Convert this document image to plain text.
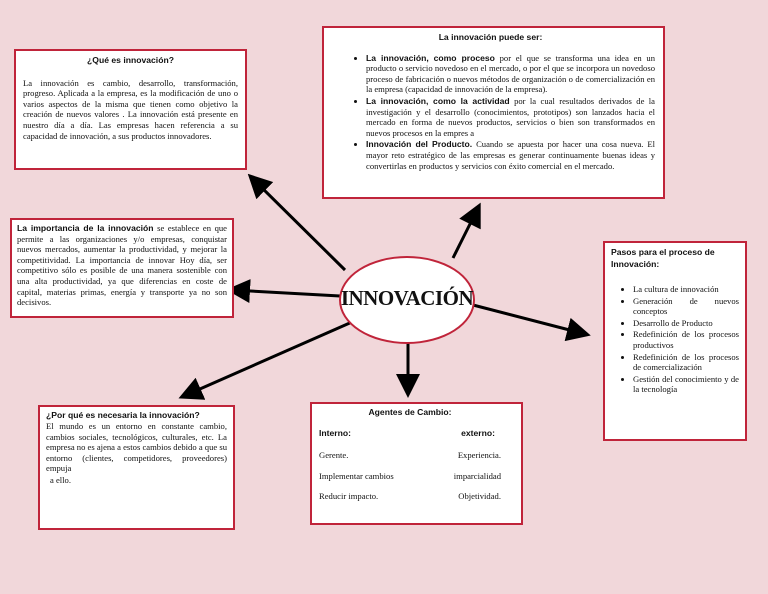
¿Qué es innovación?
La innovación es cambio, desarrollo, transformación, progreso. Aplicada a la empresa, es la modificación de uno o varios aspectos de la misma que tienen como objetivo la creación de nuevos valores . La innovación está presente en nuestro día a día. Las empresas hacen referencia a su capacidad de innovación, a sus productos innovadores.
La innovación puede ser:
• La innovación, como proceso por el que se transforma una idea en un producto o servicio novedoso en el mercado, o por el que se incorpora un novedoso proceso de fabricación o nuevos métodos de organización o de comercialización en la empresa (capacidad de innovación de la empresa).
• La innovación, como la actividad por la cual resultados derivados de la investigación y el desarrollo (conocimientos, prototipos) son lanzados hacia el mercado en forma de nuevos productos, servicios o bien son transformados en nuevos procesos en la empres a
• Innovación del Producto. Cuando se apuesta por hacer una cosa nueva. El mayor reto estratégico de las empresas es generar continuamente buenas ideas y convertirlas en productos y servicios con éxito comercial en el mercado.
La importancia de la innovación se establece en que permite a las organizaciones y/o empresas, conquistar nuevos mercados, aumentar la productividad, y mejorar la competitividad. La importancia de innovar Hoy día, ser competitivo sólo es posible de una manera sostenible con una alta productividad, ya que diferencias en coste de capital, materias primas, energía y transporte ya no son decisivos.
Pasos para el proceso de Innovación:
• La cultura de innovación
• Generación de nuevos conceptos
• Desarrollo de Producto
• Redefinición de los procesos productivos
• Redefinición de los procesos de comercialización
• Gestión del conocimiento y de la tecnología
¿Por qué es necesaria la innovación?
El mundo es un entorno en constante cambio, cambios sociales, tecnológicos, culturales, etc. La empresa no es ajena a estos cambios debido a que su entorno (clientes, competidores, proveedores) empuja
a ello.
Agentes de Cambio:
Interno:	externo:
Gerente.	Experiencia.
Implementar cambios	imparcialidad
Reducir impacto.	Objetividad.
INNOVACIÓN
